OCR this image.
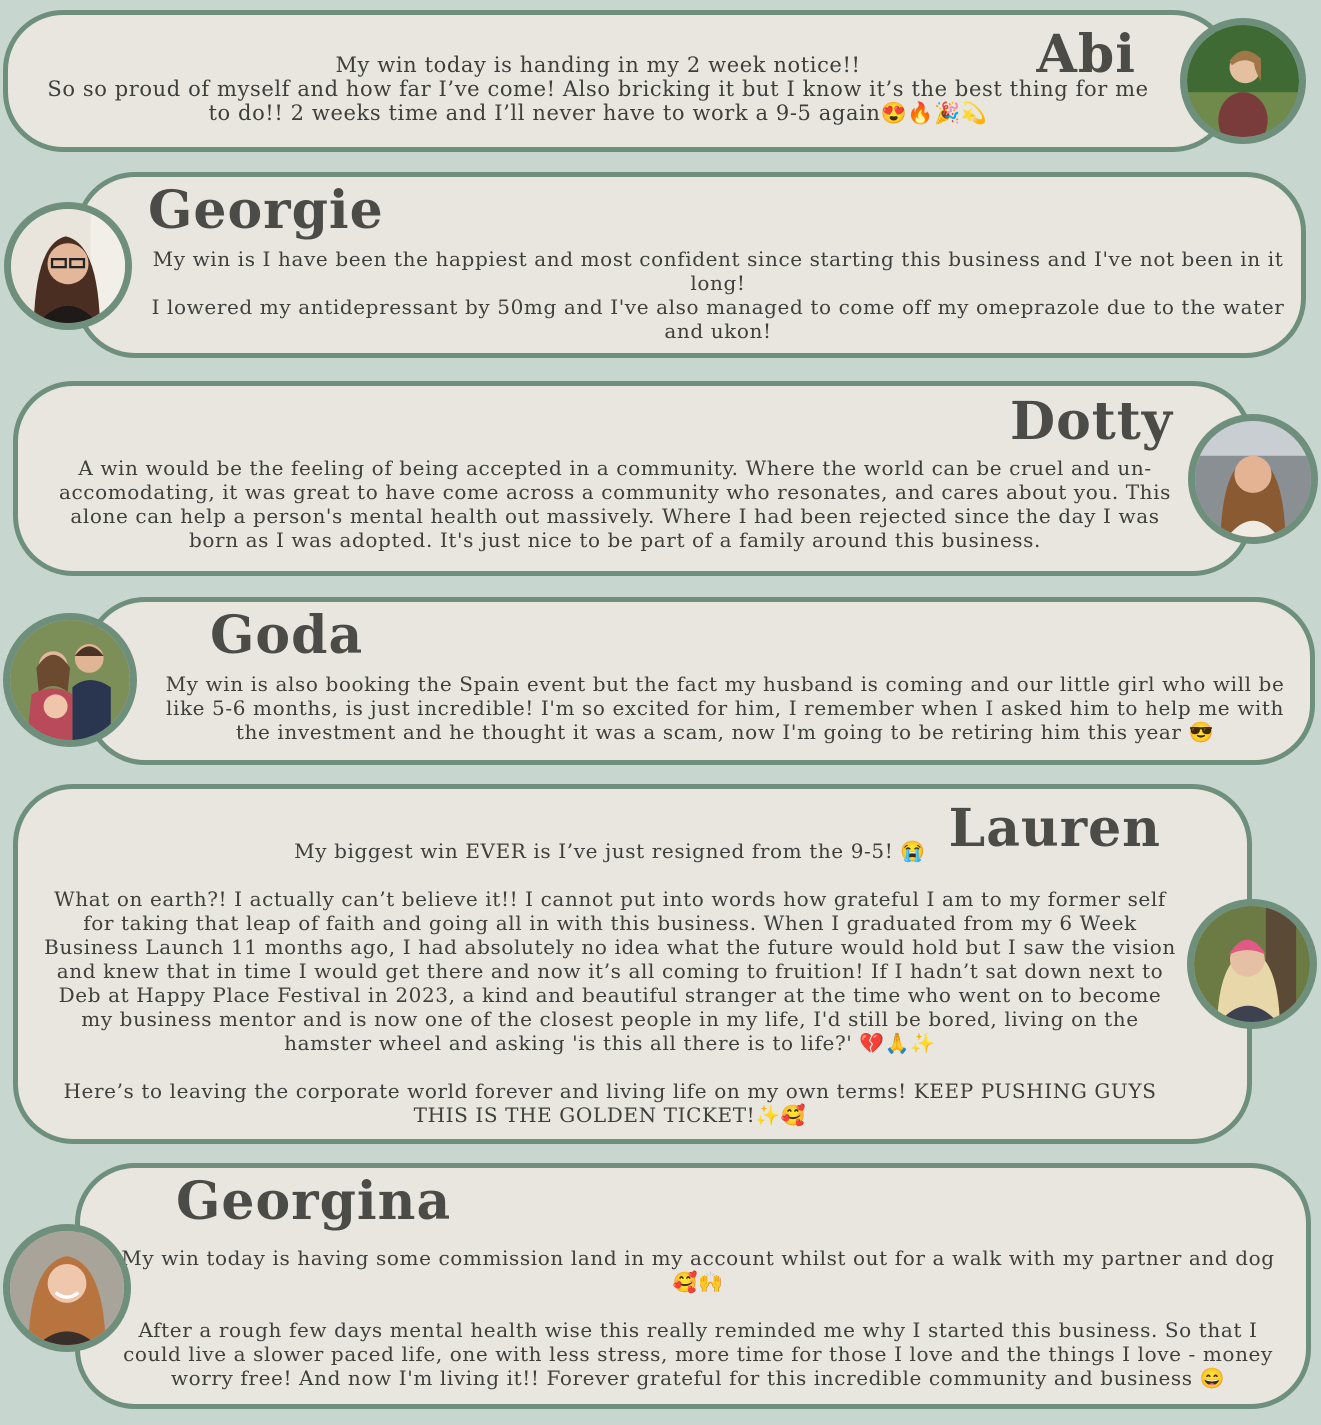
Abi
My win today is handing in my 2 week notice!!
So so proud of myself and how far I’ve come! Also bricking it but I know it’s the best thing for me to do!! 2 weeks time and I’ll never have to work a 9-5 again😍🔥🎉💫
Georgie
My win is I have been the happiest and most confident since starting this business and I've not been in it long!
I lowered my antidepressant by 50mg and I've also managed to come off my omeprazole due to the water and ukon!
Dotty
A win would be the feeling of being accepted in a community. Where the world can be cruel and un-accomodating, it was great to have come across a community who resonates, and cares about you. This alone can help a person's mental health out massively. Where I had been rejected since the day I was born as I was adopted. It's just nice to be part of a family around this business.
Goda
My win is also booking the Spain event but the fact my husband is coming and our little girl who will be like 5-6 months, is just incredible! I'm so excited for him, I remember when I asked him to help me with the investment and he thought it was a scam, now I'm going to be retiring him this year 😎
Lauren
My biggest win EVER is I’ve just resigned from the 9-5! 😭

What on earth?! I actually can’t believe it!! I cannot put into words how grateful I am to my former self for taking that leap of faith and going all in with this business. When I graduated from my 6 Week Business Launch 11 months ago, I had absolutely no idea what the future would hold but I saw the vision and knew that in time I would get there and now it’s all coming to fruition! If I hadn’t sat down next to Deb at Happy Place Festival in 2023, a kind and beautiful stranger at the time who went on to become my business mentor and is now one of the closest people in my life, I'd still be bored, living on the hamster wheel and asking 'is this all there is to life?' 💔🙏✨

Here’s to leaving the corporate world forever and living life on my own terms! KEEP PUSHING GUYS THIS IS THE GOLDEN TICKET!✨🥰
Georgina
My win today is having some commission land in my account whilst out for a walk with my partner and dog 🥰🙌

After a rough few days mental health wise this really reminded me why I started this business. So that I could live a slower paced life, one with less stress, more time for those I love and the things I love - money worry free! And now I'm living it!! Forever grateful for this incredible community and business 😄
